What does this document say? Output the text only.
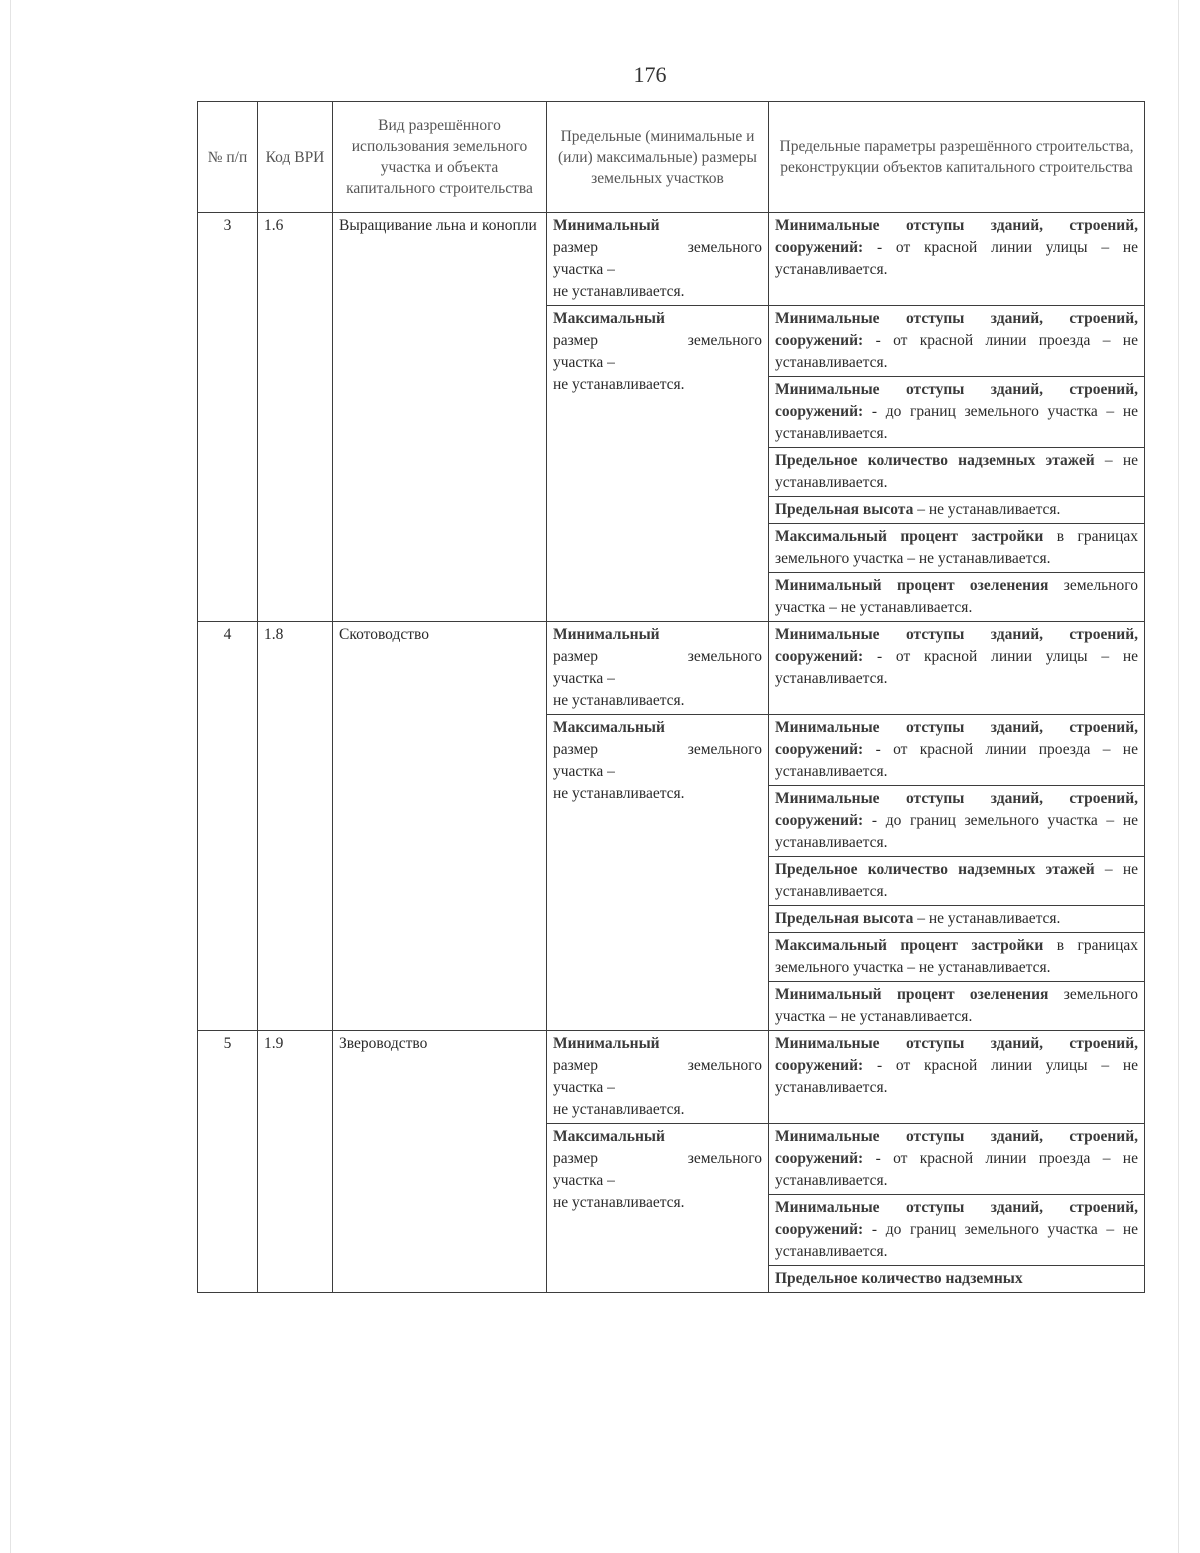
176
№ п/п	Код ВРИ	Вид разрешённого использования земельного участка и объекта капитального строительства	Предельные (минимальные и (или) максимальные) размеры земельных участков	Предельные параметры разрешённого строительства, реконструкции объектов капитального строительства
3	1.6	Выращивание льна и конопли	Минимальный
размер земельного
участка –
не устанавливается.	Минимальные отступы зданий, строений, сооружений: - от красной линии улицы – не устанавливается.

			Максимальный
размер земельного
участка –
не устанавливается.	Минимальные отступы зданий, строений, сооружений: - от красной линии проезда – не устанавливается.
				Минимальные отступы зданий, строений, сооружений: - до границ земельного участка – не устанавливается.
				Предельное количество надземных этажей – не устанавливается.
				Предельная высота – не устанавливается.
				Максимальный процент застройки в границах земельного участка – не устанавливается.
				Минимальный процент озеленения земельного участка – не устанавливается.
4	1.8	Скотоводство	Минимальный
размер земельного
участка –
не устанавливается.	Минимальные отступы зданий, строений, сооружений: - от красной линии улицы – не устанавливается.

			Максимальный
размер земельного
участка –
не устанавливается.	Минимальные отступы зданий, строений, сооружений: - от красной линии проезда – не устанавливается.
				Минимальные отступы зданий, строений, сооружений: - до границ земельного участка – не устанавливается.
				Предельное количество надземных этажей – не устанавливается.
				Предельная высота – не устанавливается.
				Максимальный процент застройки в границах земельного участка – не устанавливается.
				Минимальный процент озеленения земельного участка – не устанавливается.
5	1.9	Звероводство	Минимальный
размер земельного
участка –
не устанавливается.	Минимальные отступы зданий, строений, сооружений: - от красной линии улицы – не устанавливается.

			Максимальный
размер земельного
участка –
не устанавливается.	Минимальные отступы зданий, строений, сооружений: - от красной линии проезда – не устанавливается.
				Минимальные отступы зданий, строений, сооружений: - до границ земельного участка – не устанавливается.
				Предельное количество надземных
